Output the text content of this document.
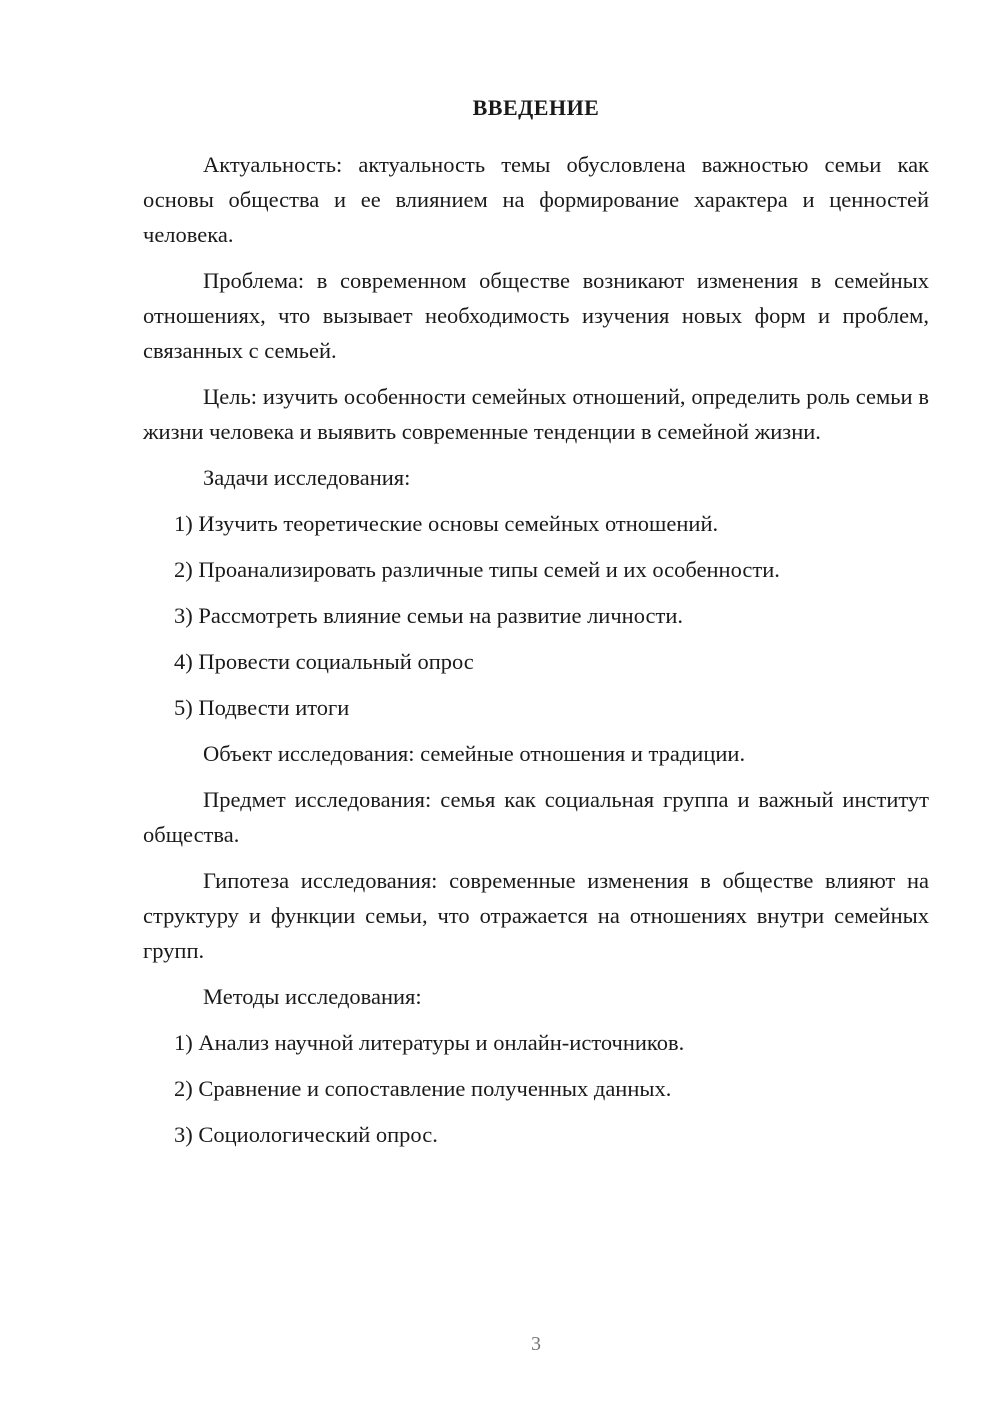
ВВЕДЕНИЕ

Актуальность: актуальность темы обусловлена важностью семьи как основы общества и ее влиянием на формирование характера и ценностей человека.

Проблема: в современном обществе возникают изменения в семейных отношениях, что вызывает необходимость изучения новых форм и проблем, связанных с семьей.

Цель: изучить особенности семейных отношений, определить роль семьи в жизни человека и выявить современные тенденции в семейной жизни.

Задачи исследования:

1) Изучить теоретические основы семейных отношений.
2) Проанализировать различные типы семей и их особенности.
3) Рассмотреть влияние семьи на развитие личности.
4) Провести социальный опрос
5) Подвести итоги

Объект исследования: семейные отношения и традиции.

Предмет исследования: семья как социальная группа и важный институт общества.

Гипотеза исследования: современные изменения в обществе влияют на структуру и функции семьи, что отражается на отношениях внутри семейных групп.

Методы исследования:

1) Анализ научной литературы и онлайн-источников.
2) Сравнение и сопоставление полученных данных.
3) Социологический опрос.
3
